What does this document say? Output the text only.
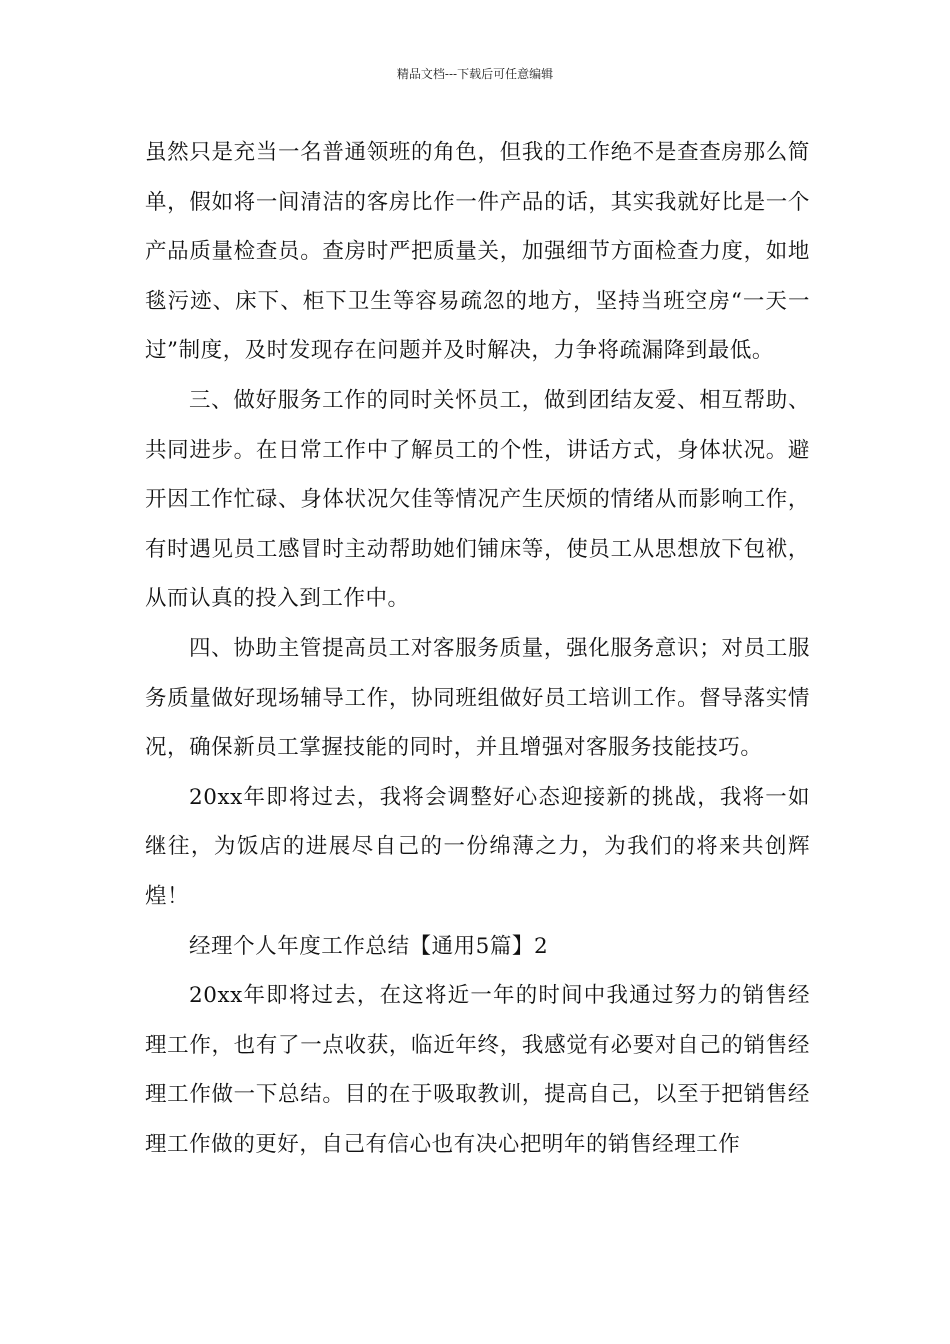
精品文档---下载后可任意编辑

虽然只是充当一名普通领班的角色，但我的工作绝不是查查房那么简单，假如将一间清洁的客房比作一件产品的话，其实我就好比是一个产品质量检查员。查房时严把质量关，加强细节方面检查力度，如地毯污迹、床下、柜下卫生等容易疏忽的地方，坚持当班空房“一天一过”制度，及时发现存在问题并及时解决，力争将疏漏降到最低。

三、做好服务工作的同时关怀员工，做到团结友爱、相互帮助、共同进步。在日常工作中了解员工的个性，讲话方式，身体状况。避开因工作忙碌、身体状况欠佳等情况产生厌烦的情绪从而影响工作，有时遇见员工感冒时主动帮助她们铺床等，使员工从思想放下包袱，从而认真的投入到工作中。

四、协助主管提高员工对客服务质量，强化服务意识；对员工服务质量做好现场辅导工作，协同班组做好员工培训工作。督导落实情况，确保新员工掌握技能的同时，并且增强对客服务技能技巧。

20xx年即将过去，我将会调整好心态迎接新的挑战，我将一如继往，为饭店的进展尽自己的一份绵薄之力，为我们的将来共创辉煌！

经理个人年度工作总结【通用5篇】2

20xx年即将过去，在这将近一年的时间中我通过努力的销售经理工作，也有了一点收获，临近年终，我感觉有必要对自己的销售经理工作做一下总结。目的在于吸取教训，提高自己，以至于把销售经理工作做的更好，自己有信心也有决心把明年的销售经理工作
